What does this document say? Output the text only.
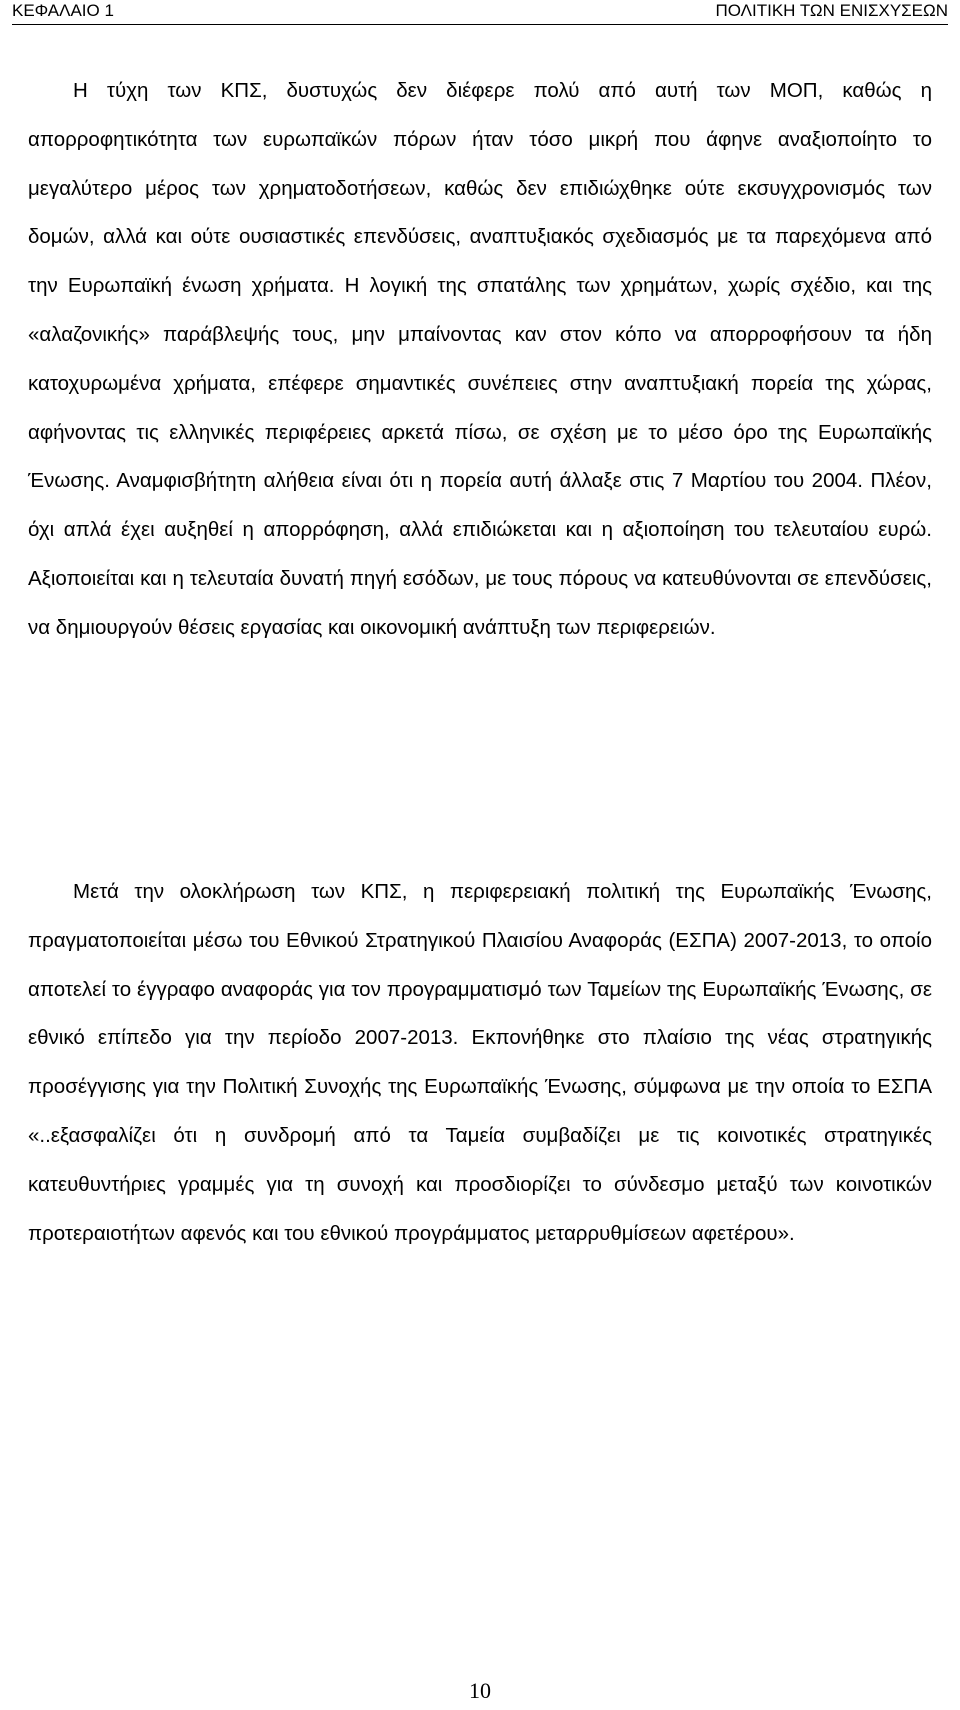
ΚΕΦΑΛΑΙΟ 1	ΠΟΛΙΤΙΚΗ ΤΩΝ ΕΝΙΣΧΥΣΕΩΝ

Η τύχη των ΚΠΣ, δυστυχώς δεν διέφερε πολύ από αυτή των ΜΟΠ, καθώς η απορροφητικότητα των ευρωπαϊκών πόρων ήταν τόσο μικρή που άφηνε αναξιοποίητο το μεγαλύτερο μέρος των χρηματοδοτήσεων, καθώς δεν επιδιώχθηκε ούτε εκσυγχρονισμός των δομών, αλλά και ούτε ουσιαστικές επενδύσεις, αναπτυξιακός σχεδιασμός με τα παρεχόμενα από την Ευρωπαϊκή ένωση χρήματα. Η λογική της σπατάλης των χρημάτων, χωρίς σχέδιο, και της «αλαζονικής» παράβλεψής τους, μην μπαίνοντας καν στον κόπο να απορροφήσουν τα ήδη κατοχυρωμένα χρήματα, επέφερε σημαντικές συνέπειες στην αναπτυξιακή πορεία της χώρας, αφήνοντας τις ελληνικές περιφέρειες αρκετά πίσω, σε σχέση με το μέσο όρο της Ευρωπαϊκής Ένωσης. Αναμφισβήτητη αλήθεια είναι ότι η πορεία αυτή άλλαξε στις 7 Μαρτίου του 2004. Πλέον, όχι απλά έχει αυξηθεί η απορρόφηση, αλλά επιδιώκεται και η αξιοποίηση του τελευταίου ευρώ. Αξιοποιείται και η τελευταία δυνατή πηγή εσόδων, με τους πόρους να κατευθύνονται σε επενδύσεις, να δημιουργούν θέσεις εργασίας και οικονομική ανάπτυξη των περιφερειών.

Μετά την ολοκλήρωση των ΚΠΣ, η περιφερειακή πολιτική της Ευρωπαϊκής Ένωσης, πραγματοποιείται μέσω του Εθνικού Στρατηγικού Πλαισίου Αναφοράς (ΕΣΠΑ) 2007-2013, το οποίο αποτελεί το έγγραφο αναφοράς για τον προγραμματισμό των Ταμείων της Ευρωπαϊκής Ένωσης, σε εθνικό επίπεδο για την περίοδο 2007-2013. Εκπονήθηκε στο πλαίσιο της νέας στρατηγικής προσέγγισης για την Πολιτική Συνοχής της Ευρωπαϊκής Ένωσης, σύμφωνα με την οποία το ΕΣΠΑ «..εξασφαλίζει ότι η συνδρομή από τα Ταμεία συμβαδίζει με τις κοινοτικές στρατηγικές κατευθυντήριες γραμμές για τη συνοχή και προσδιορίζει το σύνδεσμο μεταξύ των κοινοτικών προτεραιοτήτων αφενός και του εθνικού προγράμματος μεταρρυθμίσεων αφετέρου».

10
